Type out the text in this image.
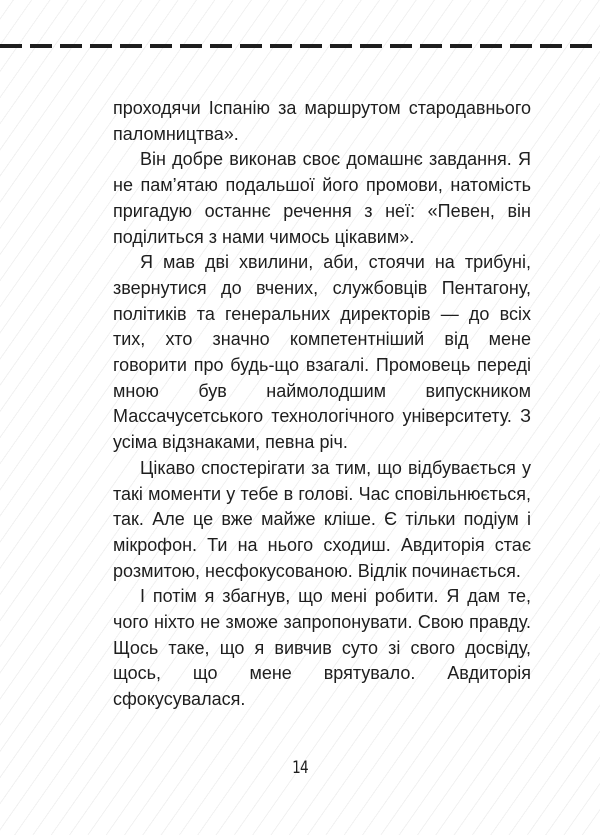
проходячи Іспанію за маршрутом стародавнього паломництва».

Він добре виконав своє домашнє завдання. Я не пам’ятаю подальшої його промови, натомість пригадую останнє речення з неї: «Певен, він поділиться з нами чимось цікавим».

Я мав дві хвилини, аби, стоячи на трибуні, звернутися до вчених, службовців Пентагону, політиків та генеральних директорів — до всіх тих, хто значно компетентніший від мене говорити про будь-що взагалі. Промовець переді мною був наймолодшим випускником Массачусетського технологічного університету. З усіма відзнаками, певна річ.

Цікаво спостерігати за тим, що відбувається у такі моменти у тебе в голові. Час сповільнюється, так. Але це вже майже кліше. Є тільки подіум і мікрофон. Ти на нього сходиш. Авдиторія стає розмитою, несфокусованою. Відлік починається.

І потім я збагнув, що мені робити. Я дам те, чого ніхто не зможе запропонувати. Свою правду. Щось таке, що я вивчив суто зі свого досвіду, щось, що мене врятувало. Авдиторія сфокусувалася.

14
